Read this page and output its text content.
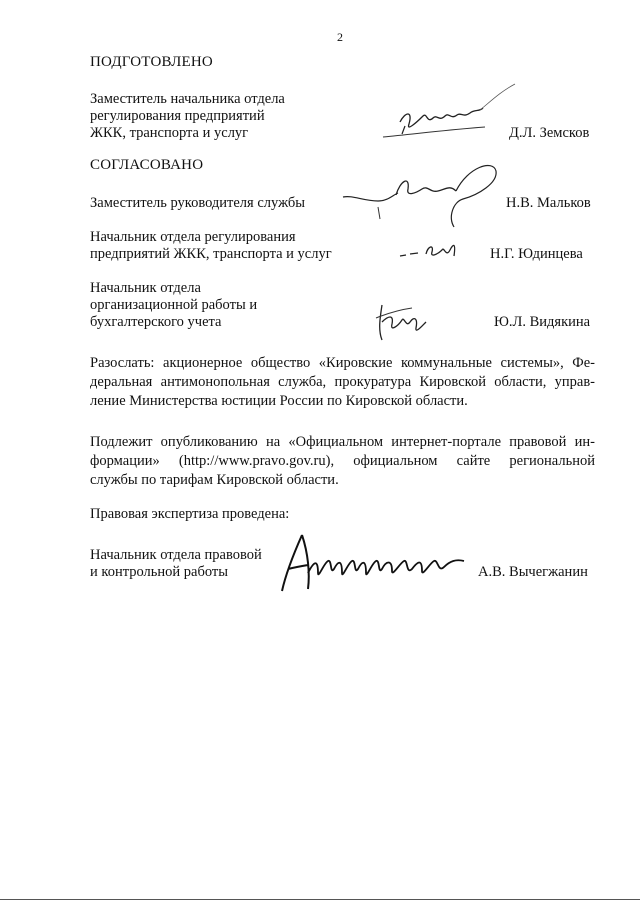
2
ПОДГОТОВЛЕНО
Заместитель начальника отдела
регулирования предприятий
ЖКК, транспорта и услуг	Д.Л. Земсков
СОГЛАСОВАНО
Заместитель руководителя службы	Н.В. Мальков
Начальник отдела регулирования
предприятий ЖКК, транспорта и услуг	Н.Г. Юдинцева
Начальник отдела
организационной работы и
бухгалтерского учета	Ю.Л. Видякина
Разослать: акционерное общество «Кировские коммунальные системы», Фе-
деральная антимонопольная служба, прокуратура Кировской области, управ-
ление Министерства юстиции России по Кировской области.
Подлежит опубликованию на «Официальном интернет-портале правовой ин-
формации» (http://www.pravo.gov.ru), официальном сайте региональной
службы по тарифам Кировской области.
Правовая экспертиза проведена:
Начальник отдела правовой
и контрольной работы	А.В. Вычегжанин
